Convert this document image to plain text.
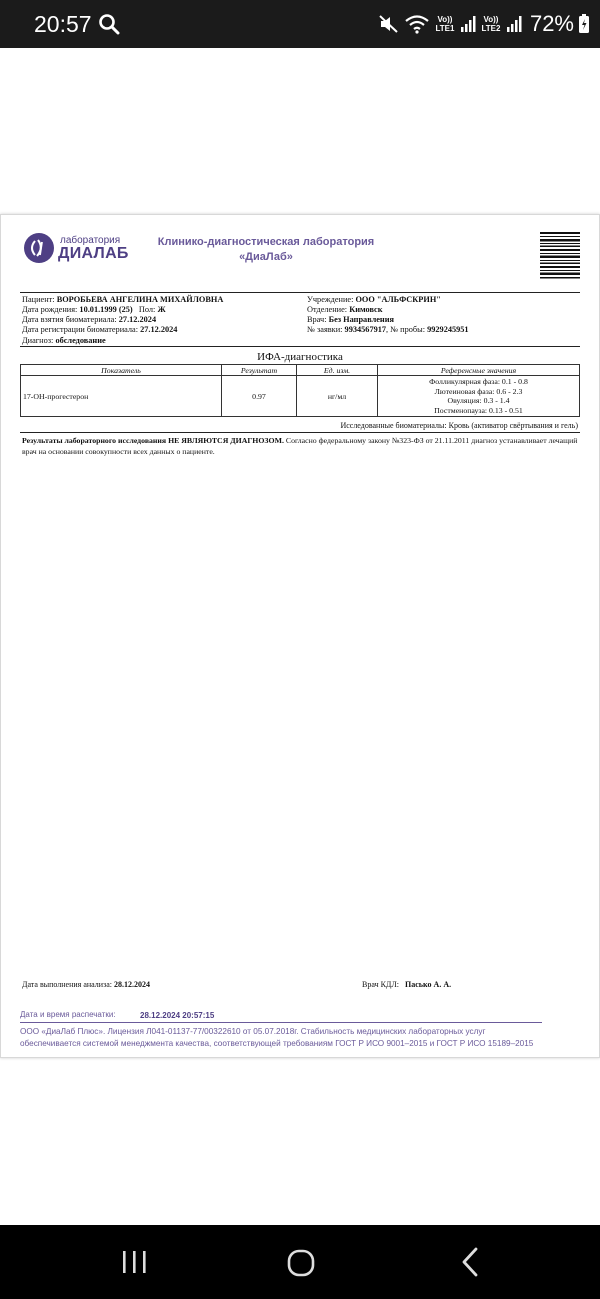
20:57	Vo)) LTE1
Vo)) LTE2 72%
лаборатория
ДИАЛАБ
Клинико-диагностическая лаборатория
«ДиаЛаб»
Пациент: ВОРОБЬЕВА АНГЕЛИНА МИХАЙЛОВНА
Дата рождения: 10.01.1999 (25) Пол: Ж
Дата взятия биоматериала: 27.12.2024
Дата регистрации биоматериала: 27.12.2024
Диагноз: обследование
Учреждение: ООО "АЛЬФСКРИН"
Отделение: Кимовск
Врач: Без Направления
№ заявки: 9934567917, № пробы: 9929245951
ИФА-диагностика
Показатель	Результат	Ед. изм.	Референсные значения
17-ОН-прогестерон	0.97	нг/мл	Фолликулярная фаза: 0.1 - 0.8
Лютеиновая фаза: 0.6 - 2.3
Овуляция: 0.3 - 1.4
Постменопауза: 0.13 - 0.51
Исследованные биоматериалы: Кровь (активатор свёртывания и гель)
Результаты лабораторного исследования НЕ ЯВЛЯЮТСЯ ДИАГНОЗОМ. Согласно федеральному закону №323-ФЗ от 21.11.2011 диагноз устанавливает лечащий врач на основании совокупности всех данных о пациенте.
Дата выполнения анализа: 28.12.2024	Врач КДЛ: Пасько А. А.
Дата и время распечатки:	28.12.2024 20:57:15
ООО «ДиаЛаб Плюс». Лицензия Л041-01137-77/00322610 от 05.07.2018г. Стабильность медицинских лабораторных услуг
обеспечивается системой менеджмента качества, соответствующей требованиям ГОСТ Р ИСО 9001–2015 и ГОСТ Р ИСО 15189–2015
